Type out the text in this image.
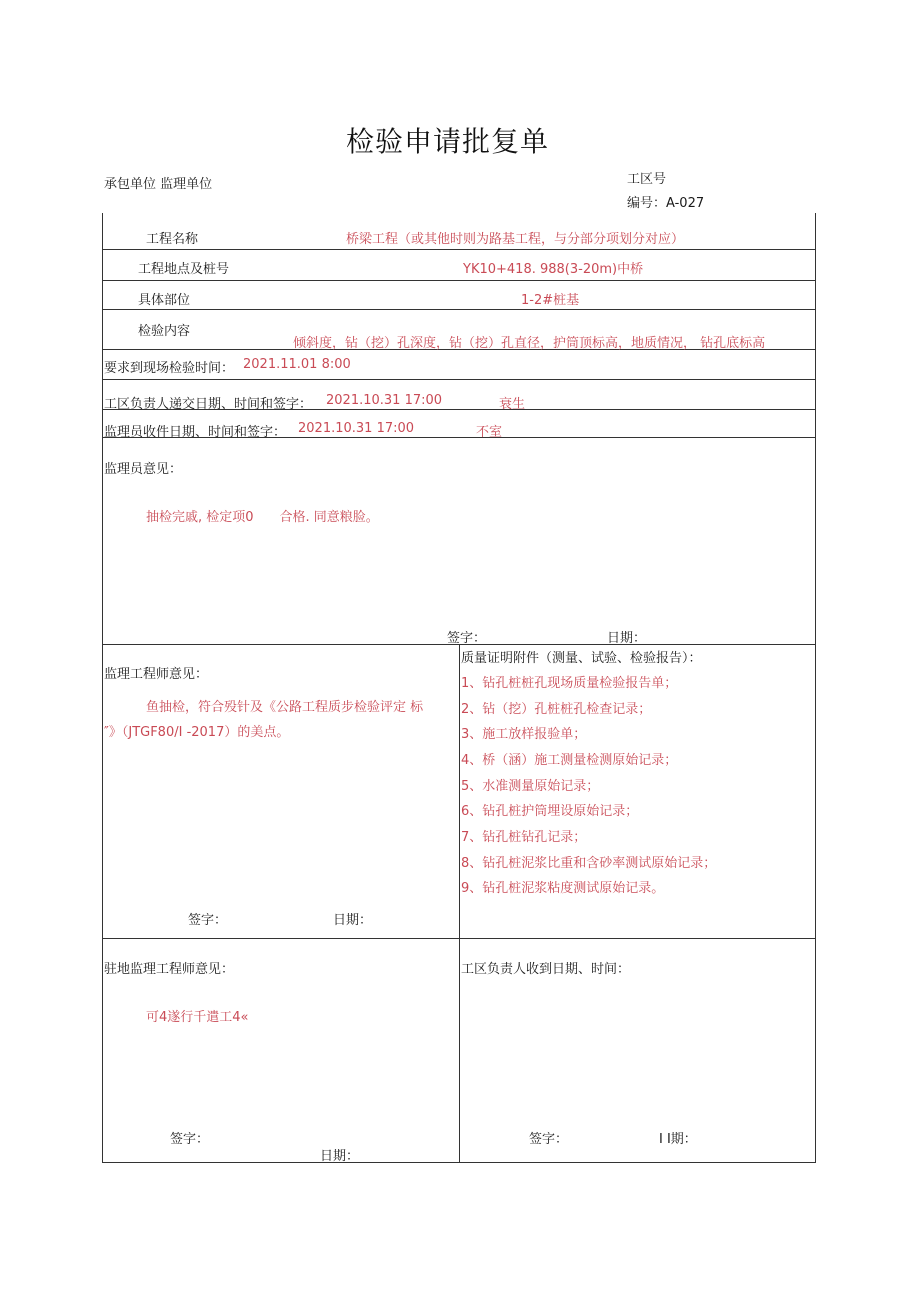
检验申请批复单
承包单位 监理单位	工区号
编号：A-027
工程名称	桥梁工程（或其他时则为路基工程，与分部分项划分对应）
工程地点及桩号	YK10+418. 988(3-20m)中桥
具体部位	1-2#桩基
检验内容
倾斜度，钻（挖）孔深度，钻（挖）孔直径，护筒顶标高，地质情况， 钻孔底标高
要求到现场检验时间： 2021.11.01 8:00
工区负责人递交日期、时间和签字： 2021.10.31 17:00	衰生
监理员收件日期、时间和签字： 2021.10.31 17:00	不室
监理员意见：
抽检完戚, 检定项0　　合格. 同意粮脸。
签字：	日期：
监理工程师意见：
鱼抽检，符合殁针及《公路工程质步检验评定 标
″》（JTGF80/I -2017）的美点。
签字：	日期：
质量证明附件（测量、试验、检验报告）：
1、钻孔桩桩孔现场质量检验报告单；
2、钻（挖）孔桩桩孔检查记录；
3、施工放样报验单；
4、桥（涵）施工测量检测原始记录；
5、水准测量原始记录；
6、钻孔桩护筒埋设原始记录；
7、钻孔桩钻孔记录；
8、钻孔桩泥浆比重和含砂率测试原始记录；
9、钻孔桩泥浆粘度测试原始记录。
驻地监理工程师意见：
可4遂行千遣工4«
签字：
日期：
工区负责人收到日期、时间：
签字：	I I期：
